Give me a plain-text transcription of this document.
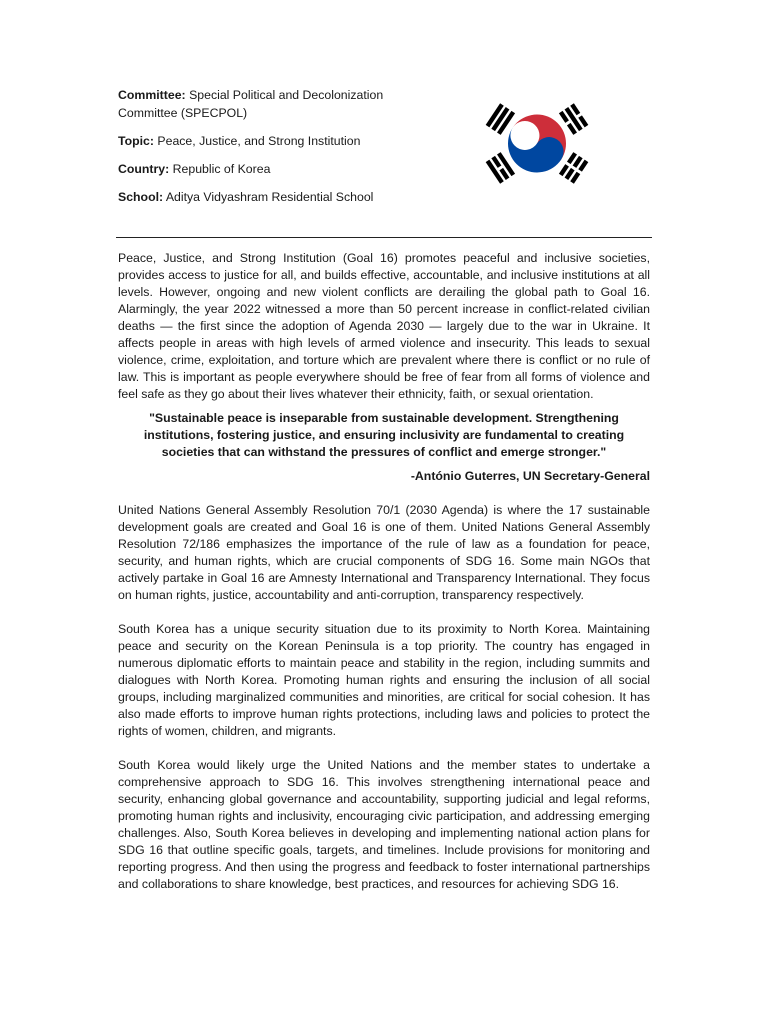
Committee: Special Political and Decolonization Committee (SPECPOL)

Topic: Peace, Justice, and Strong Institution

Country: Republic of Korea

School: Aditya Vidyashram Residential School

Peace, Justice, and Strong Institution (Goal 16) promotes peaceful and inclusive societies, provides access to justice for all, and builds effective, accountable, and inclusive institutions at all levels. However, ongoing and new violent conflicts are derailing the global path to Goal 16. Alarmingly, the year 2022 witnessed a more than 50 percent increase in conflict-related civilian deaths — the first since the adoption of Agenda 2030 — largely due to the war in Ukraine. It affects people in areas with high levels of armed violence and insecurity. This leads to sexual violence, crime, exploitation, and torture which are prevalent where there is conflict or no rule of law. This is important as people everywhere should be free of fear from all forms of violence and feel safe as they go about their lives whatever their ethnicity, faith, or sexual orientation.

"Sustainable peace is inseparable from sustainable development. Strengthening institutions, fostering justice, and ensuring inclusivity are fundamental to creating societies that can withstand the pressures of conflict and emerge stronger."

-António Guterres, UN Secretary-General

United Nations General Assembly Resolution 70/1 (2030 Agenda) is where the 17 sustainable development goals are created and Goal 16 is one of them. United Nations General Assembly Resolution 72/186 emphasizes the importance of the rule of law as a foundation for peace, security, and human rights, which are crucial components of SDG 16. Some main NGOs that actively partake in Goal 16 are Amnesty International and Transparency International. They focus on human rights, justice, accountability and anti-corruption, transparency respectively.

South Korea has a unique security situation due to its proximity to North Korea. Maintaining peace and security on the Korean Peninsula is a top priority. The country has engaged in numerous diplomatic efforts to maintain peace and stability in the region, including summits and dialogues with North Korea. Promoting human rights and ensuring the inclusion of all social groups, including marginalized communities and minorities, are critical for social cohesion. It has also made efforts to improve human rights protections, including laws and policies to protect the rights of women, children, and migrants.

South Korea would likely urge the United Nations and the member states to undertake a comprehensive approach to SDG 16. This involves strengthening international peace and security, enhancing global governance and accountability, supporting judicial and legal reforms, promoting human rights and inclusivity, encouraging civic participation, and addressing emerging challenges. Also, South Korea believes in developing and implementing national action plans for SDG 16 that outline specific goals, targets, and timelines. Include provisions for monitoring and reporting progress. And then using the progress and feedback to foster international partnerships and collaborations to share knowledge, best practices, and resources for achieving SDG 16.
